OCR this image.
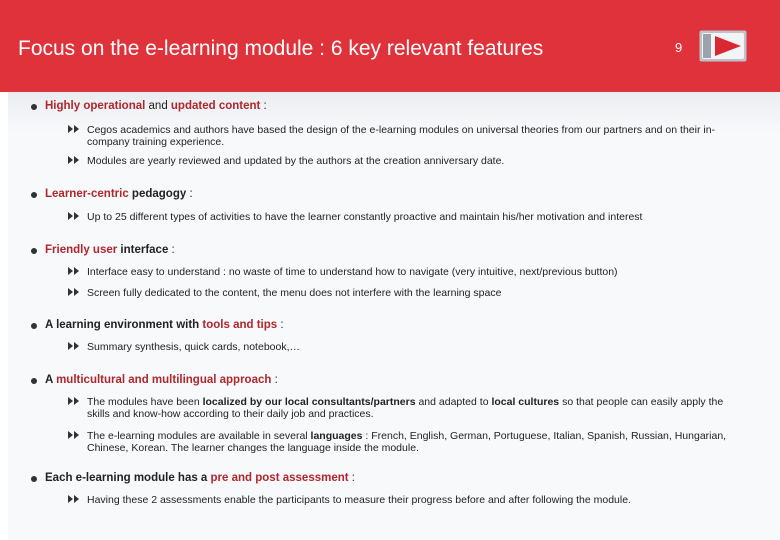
Focus on the e-learning module : 6 key relevant features	9
Highly operational and updated content :
Cegos academics and authors have based the design of the e-learning modules on universal theories from our partners and on their in-company training experience.
Modules are yearly reviewed and updated by the authors at the creation anniversary date.
Learner-centric pedagogy :
Up to 25 different types of activities to have the learner constantly proactive and maintain his/her motivation and interest
Friendly user interface :
Interface easy to understand : no waste of time to understand how to navigate (very intuitive, next/previous button)
Screen fully dedicated to the content, the menu does not interfere with the learning space
A learning environment with tools and tips :
Summary synthesis, quick cards, notebook,…
A multicultural and multilingual approach :
The modules have been localized by our local consultants/partners and adapted to local cultures so that people can easily apply the skills and know-how according to their daily job and practices.
The e-learning modules are available in several languages : French, English, German, Portuguese, Italian, Spanish, Russian, Hungarian, Chinese, Korean. The learner changes the language inside the module.
Each e-learning module has a pre and post assessment :
Having these 2 assessments enable the participants to measure their progress before and after following the module.
